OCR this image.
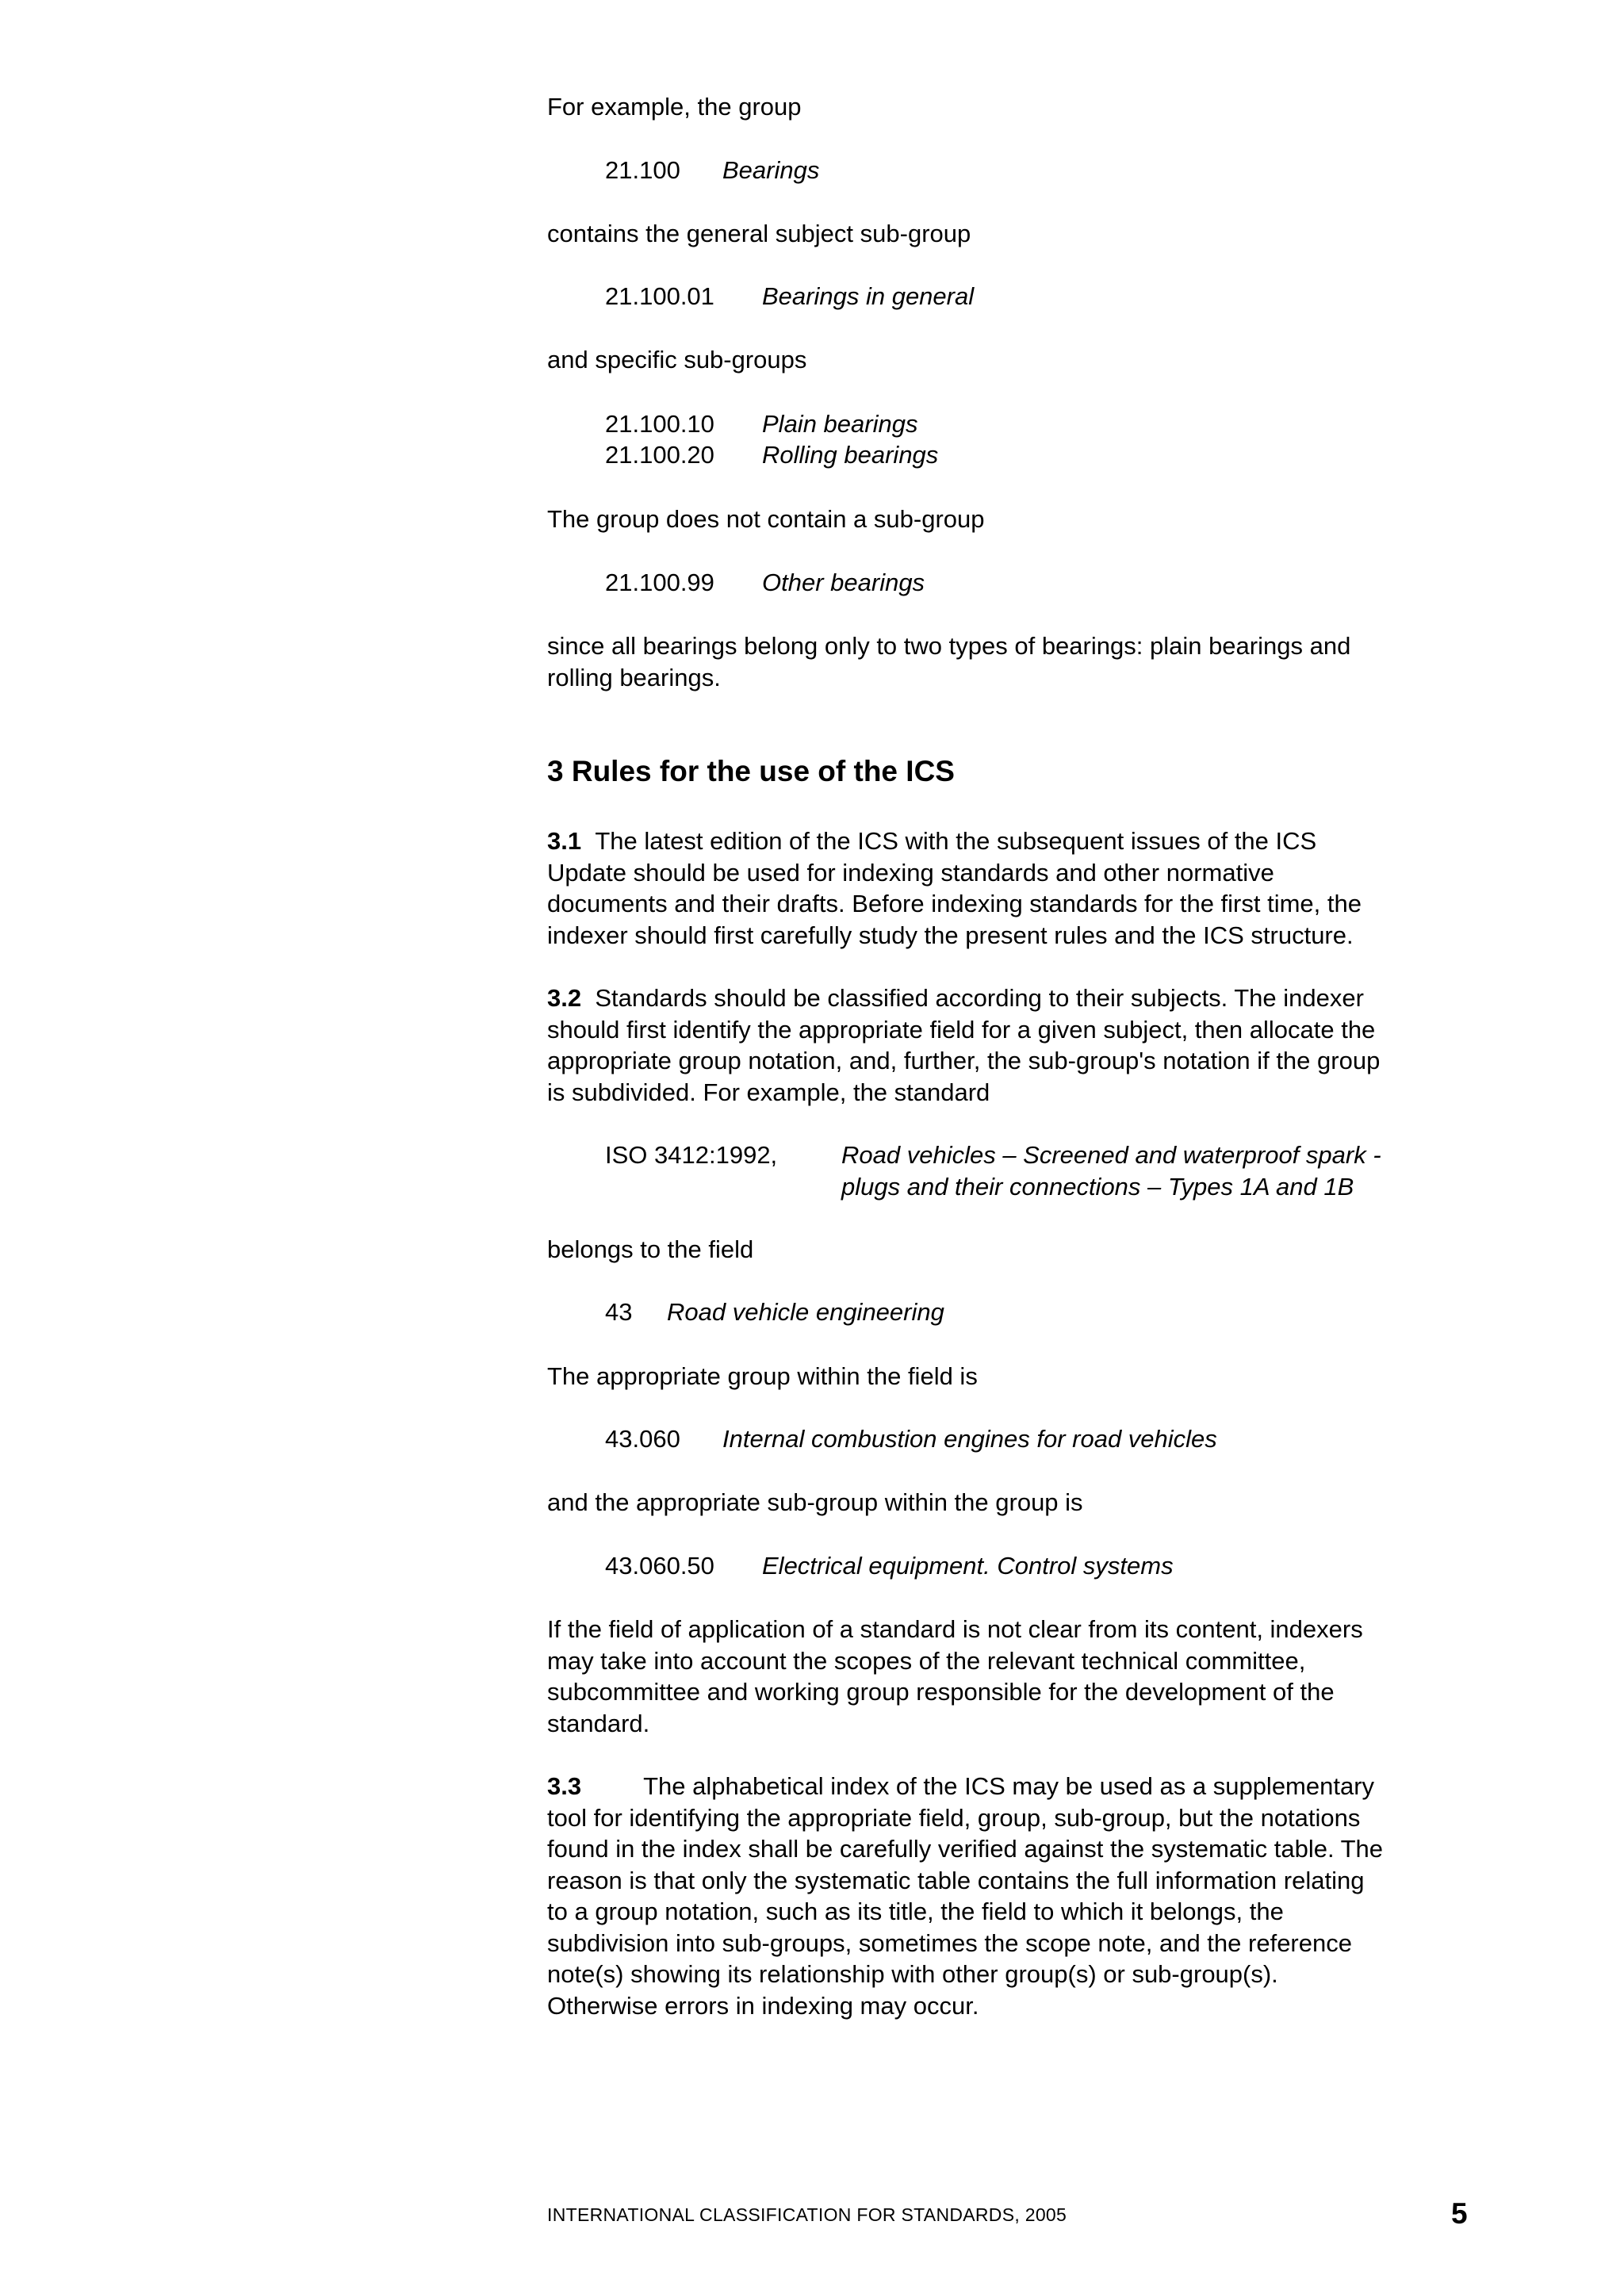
For example, the group
21.100 Bearings
contains the general subject sub-group
21.100.01 Bearings in general
and specific sub-groups
21.100.10 Plain bearings
21.100.20 Rolling bearings
The group does not contain a sub-group
21.100.99 Other bearings
since all bearings belong only to two types of bearings: plain bearings and
rolling bearings.
3 Rules for the use of the ICS
3.1 The latest edition of the ICS with the subsequent issues of the ICS
Update should be used for indexing standards and other normative
documents and their drafts. Before indexing standards for the first time, the
indexer should first carefully study the present rules and the ICS structure.
3.2 Standards should be classified according to their subjects. The indexer
should first identify the appropriate field for a given subject, then allocate the
appropriate group notation, and, further, the sub-group's notation if the group
is subdivided. For example, the standard
ISO 3412:1992,	Road vehicles – Screened and waterproof spark -
plugs and their connections – Types 1A and 1B
belongs to the field
43 Road vehicle engineering
The appropriate group within the field is
43.060 Internal combustion engines for road vehicles
and the appropriate sub-group within the group is
43.060.50 Electrical equipment. Control systems
If the field of application of a standard is not clear from its content, indexers
may take into account the scopes of the relevant technical committee,
subcommittee and working group responsible for the development of the
standard.
3.3	The alphabetical index of the ICS may be used as a supplementary
tool for identifying the appropriate field, group, sub-group, but the notations
found in the index shall be carefully verified against the systematic table. The
reason is that only the systematic table contains the full information relating
to a group notation, such as its title, the field to which it belongs, the
subdivision into sub-groups, sometimes the scope note, and the reference
note(s) showing its relationship with other group(s) or sub-group(s).
Otherwise errors in indexing may occur.
INTERNATIONAL CLASSIFICATION FOR STANDARDS, 2005	5
